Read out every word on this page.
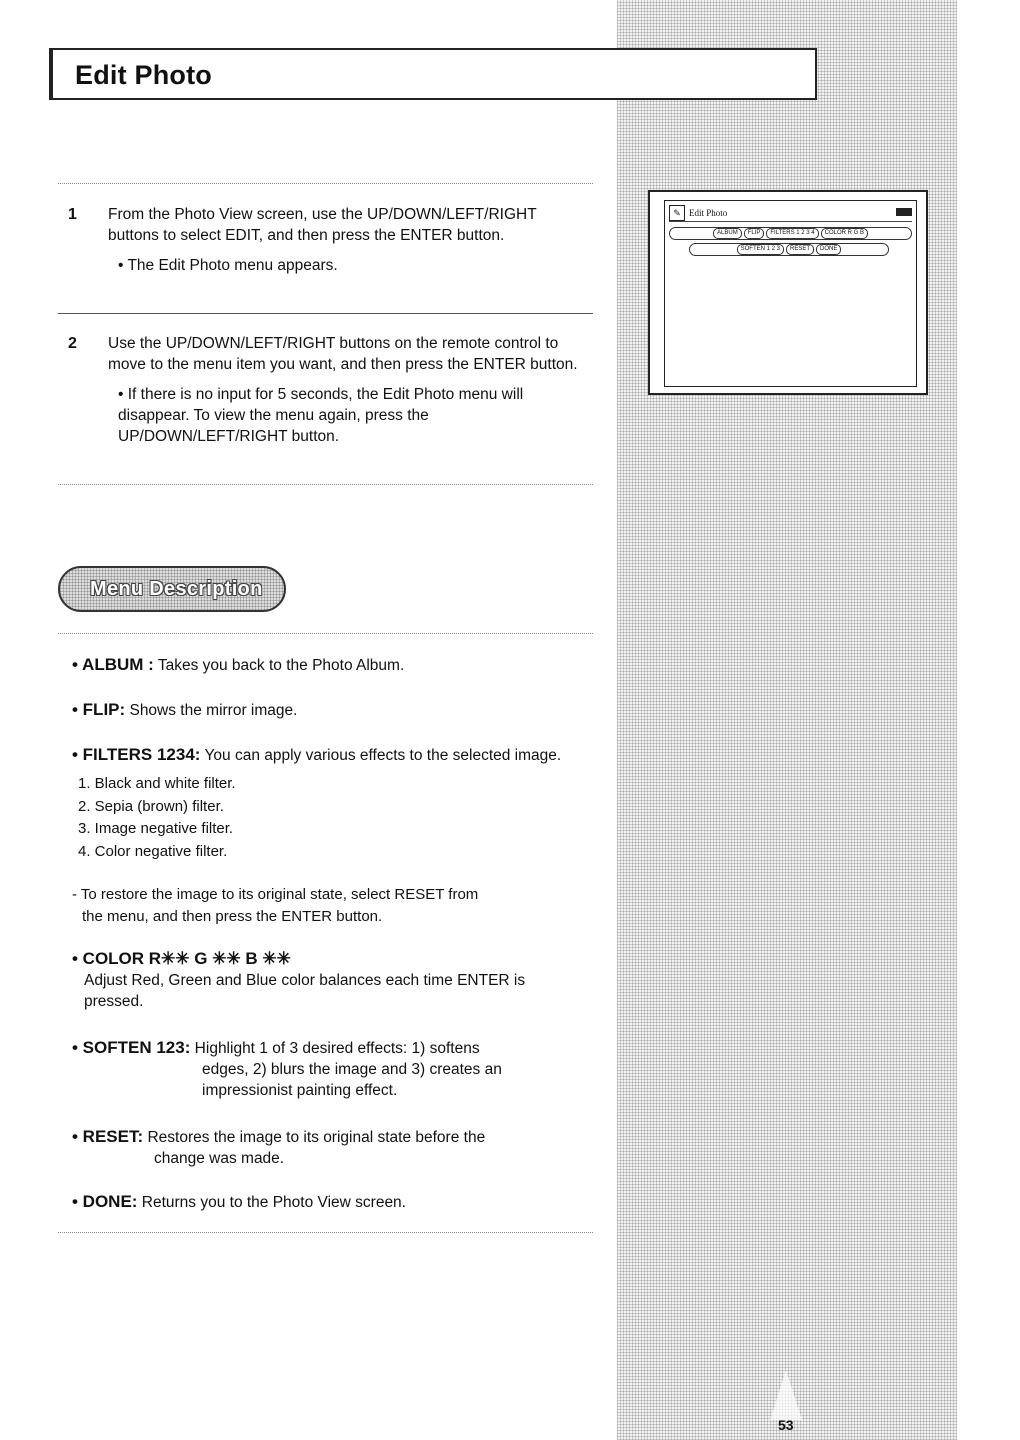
Edit Photo
1 From the Photo View screen, use the UP/DOWN/LEFT/RIGHT buttons to select EDIT, and then press the ENTER button.
• The Edit Photo menu appears.
2 Use the UP/DOWN/LEFT/RIGHT buttons on the remote control to move to the menu item you want, and then press the ENTER button.
• If there is no input for 5 seconds, the Edit Photo menu will disappear. To view the menu again, press the UP/DOWN/LEFT/RIGHT button.
✎ Edit Photo
ALBUM	FLIP	FILTERS 1 2 3 4	COLOR R G B
SOFTEN 1 2 3	RESET	DONE
Menu Description
• ALBUM : Takes you back to the Photo Album.
• FLIP: Shows the mirror image.
• FILTERS 1234: You can apply various effects to the selected image.
1. Black and white filter.
2. Sepia (brown) filter.
3. Image negative filter.
4. Color negative filter.
- To restore the image to its original state, select RESET from
the menu, and then press the ENTER button.
• COLOR R✳✳ G ✳✳ B ✳✳
Adjust Red, Green and Blue color balances each time ENTER is pressed.
• SOFTEN 123: Highlight 1 of 3 desired effects: 1) softens
edges, 2) blurs the image and 3) creates an
impressionist painting effect.
• RESET: Restores the image to its original state before the
change was made.
• DONE: Returns you to the Photo View screen.
53
